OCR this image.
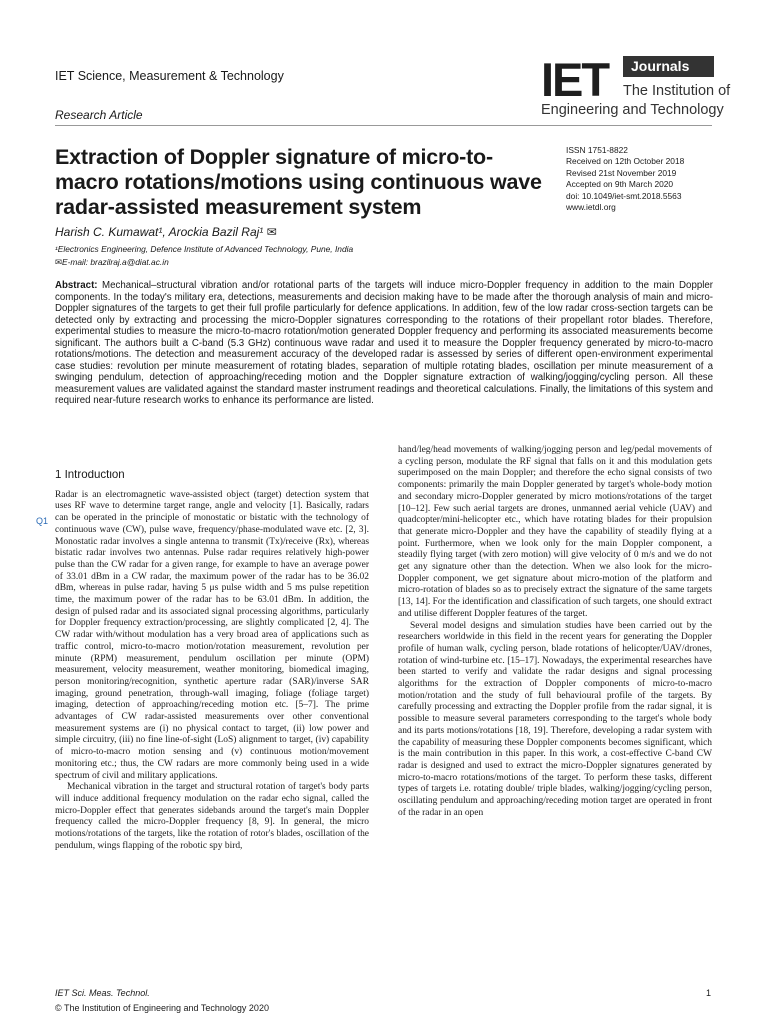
IET Science, Measurement & Technology
Research Article
IET	Journals
The Institution of
Engineering and Technology
Extraction of Doppler signature of micro-to-macro rotations/motions using continuous wave radar-assisted measurement system
ISSN 1751-8822
Received on 12th October 2018
Revised 21st November 2019
Accepted on 9th March 2020
doi: 10.1049/iet-smt.2018.5563
www.ietdl.org
Harish C. Kumawat¹, Arockia Bazil Raj¹ ✉
¹Electronics Engineering, Defence Institute of Advanced Technology, Pune, India
✉E-mail: brazilraj.a@diat.ac.in

Abstract: Mechanical–structural vibration and/or rotational parts of the targets will induce micro-Doppler frequency in addition to the main Doppler components. In the today's military era, detections, measurements and decision making have to be made after the thorough analysis of main and micro-Doppler signatures of the targets to get their full profile particularly for defence applications. In addition, few of the low radar cross-section targets can be detected only by extracting and processing the micro-Doppler signatures corresponding to the rotations of their propellant rotor blades. Therefore, experimental studies to measure the micro-to-macro rotation/motion generated Doppler frequency and performing its associated measurements become significant. The authors built a C-band (5.3 GHz) continuous wave radar and used it to measure the Doppler frequency generated by micro-to-macro rotations/motions. The detection and measurement accuracy of the developed radar is assessed by series of different open-environment experimental case studies: revolution per minute measurement of rotating blades, separation of multiple rotating blades, oscillation per minute measurement of a swinging pendulum, detection of approaching/receding motion and the Doppler signature extraction of walking/jogging/cycling person. All these measurement values are validated against the standard master instrument readings and theoretical calculations. Finally, the limitations of this system and required near-future research works to enhance its performance are listed.

Q1
1 Introduction

Radar is an electromagnetic wave-assisted object (target) detection system that uses RF wave to determine target range, angle and velocity [1]. Basically, radars can be operated in the principle of monostatic or bistatic with the technology of continuous wave (CW), pulse wave, frequency/phase-modulated wave etc. [2, 3]. Monostatic radar involves a single antenna to transmit (Tx)/receive (Rx), whereas bistatic radar involves two antennas. Pulse radar requires relatively high-power pulse than the CW radar for a given range, for example to have an average power of 33.01 dBm in a CW radar, the maximum power of the radar has to be 36.02 dBm, whereas in pulse radar, having 5 μs pulse width and 5 ms pulse repetition time, the maximum power of the radar has to be 63.01 dBm. In addition, the design of pulsed radar and its associated signal processing algorithms, particularly for Doppler frequency extraction/processing, are slightly complicated [2, 4]. The CW radar with/without modulation has a very broad area of applications such as traffic control, micro-to-macro motion/rotation measurement, revolution per minute (RPM) measurement, pendulum oscillation per minute (OPM) measurement, velocity measurement, weather monitoring, biomedical imaging, person monitoring/recognition, synthetic aperture radar (SAR)/inverse SAR imaging, ground penetration, through-wall imaging, foliage (foliage target) imaging, detection of approaching/receding motion etc. [5–7]. The prime advantages of CW radar-assisted measurements over other conventional measurement systems are (i) no physical contact to target, (ii) low power and simple circuitry, (iii) no fine line-of-sight (LoS) alignment to target, (iv) capability of micro-to-macro motion sensing and (v) continuous motion/movement monitoring etc.; thus, the CW radars are more commonly being used in a wide spectrum of civil and military applications.

Mechanical vibration in the target and structural rotation of target's body parts will induce additional frequency modulation on the radar echo signal, called the micro-Doppler effect that generates sidebands around the target's main Doppler frequency called the micro-Doppler frequency [8, 9]. In general, the micro motions/rotations of the targets, like the rotation of rotor's blades, oscillation of the pendulum, wings flapping of the robotic spy bird,

hand/leg/head movements of walking/jogging person and leg/pedal movements of a cycling person, modulate the RF signal that falls on it and this modulation gets superimposed on the main Doppler; and therefore the echo signal consists of two components: primarily the main Doppler generated by target's whole-body motion and secondary micro-Doppler generated by micro motions/rotations of the target [10–12]. Few such aerial targets are drones, unmanned aerial vehicle (UAV) and quadcopter/mini-helicopter etc., which have rotating blades for their propulsion that generate micro-Doppler and they have the capability of steadily flying at a point. Furthermore, when we look only for the main Doppler component, a steadily flying target (with zero motion) will give velocity of 0 m/s and we do not get any signature other than the detection. When we also look for the micro-Doppler component, we get signature about micro-motion of the platform and micro-rotation of blades so as to precisely extract the signature of the same targets [13, 14]. For the identification and classification of such targets, one should extract and utilise different Doppler features of the target.

Several model designs and simulation studies have been carried out by the researchers worldwide in this field in the recent years for generating the Doppler profile of human walk, cycling person, blade rotations of helicopter/UAV/drones, rotation of wind-turbine etc. [15–17]. Nowadays, the experimental researches have been started to verify and validate the radar designs and signal processing algorithms for the extraction of Doppler components of micro-to-macro motion/rotation and the study of full behavioural profile of the targets. By carefully processing and extracting the Doppler profile from the radar signal, it is possible to measure several parameters corresponding to the target's whole body and its parts motions/rotations [18, 19]. Therefore, developing a radar system with the capability of measuring these Doppler components becomes significant, which is the main contribution in this paper. In this work, a cost-effective C-band CW radar is designed and used to extract the micro-Doppler signatures generated by micro-to-macro rotations/motions of the target. To perform these tasks, different types of targets i.e. rotating double/ triple blades, walking/jogging/cycling person, oscillating pendulum and approaching/receding motion target are operated in front of the radar in an open

IET Sci. Meas. Technol.
© The Institution of Engineering and Technology 2020
1
